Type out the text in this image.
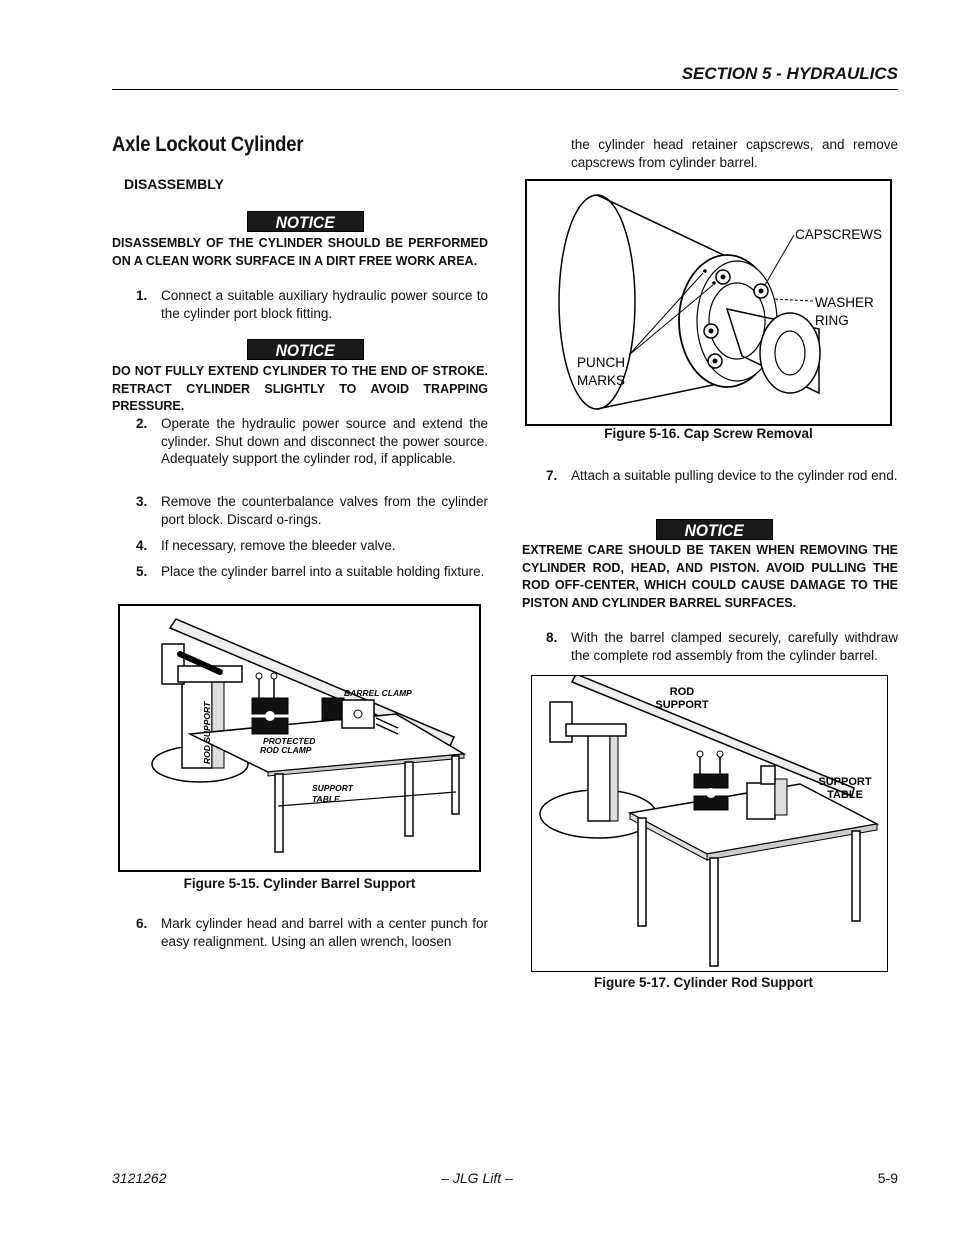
SECTION 5 - HYDRAULICS
Axle Lockout Cylinder
DISASSEMBLY
NOTICE
DISASSEMBLY OF THE CYLINDER SHOULD BE PERFORMED ON A CLEAN WORK SURFACE IN A DIRT FREE WORK AREA.
1. Connect a suitable auxiliary hydraulic power source to the cylinder port block fitting.
NOTICE
DO NOT FULLY EXTEND CYLINDER TO THE END OF STROKE. RETRACT CYLINDER SLIGHTLY TO AVOID TRAPPING PRESSURE.
2. Operate the hydraulic power source and extend the cylinder. Shut down and disconnect the power source. Adequately support the cylinder rod, if applicable.
3. Remove the counterbalance valves from the cylinder port block. Discard o-rings.
4. If necessary, remove the bleeder valve.
5. Place the cylinder barrel into a suitable holding fixture.
BARREL CLAMP
PROTECTED
ROD CLAMP
SUPPORT
TABLE
ROD SUPPORT
Figure 5-15. Cylinder Barrel Support
6. Mark cylinder head and barrel with a center punch for easy realignment. Using an allen wrench, loosen
the cylinder head retainer capscrews, and remove capscrews from cylinder barrel.
CAPSCREWS
WASHER
RING
PUNCH
MARKS
Figure 5-16. Cap Screw Removal
7. Attach a suitable pulling device to the cylinder rod end.
NOTICE
EXTREME CARE SHOULD BE TAKEN WHEN REMOVING THE CYLINDER ROD, HEAD, AND PISTON. AVOID PULLING THE ROD OFF-CENTER, WHICH COULD CAUSE DAMAGE TO THE PISTON AND CYLINDER BARREL SURFACES.
8. With the barrel clamped securely, carefully withdraw the complete rod assembly from the cylinder barrel.
ROD
SUPPORT
SUPPORT
TABLE
Figure 5-17. Cylinder Rod Support
3121262	– JLG Lift –	5-9
